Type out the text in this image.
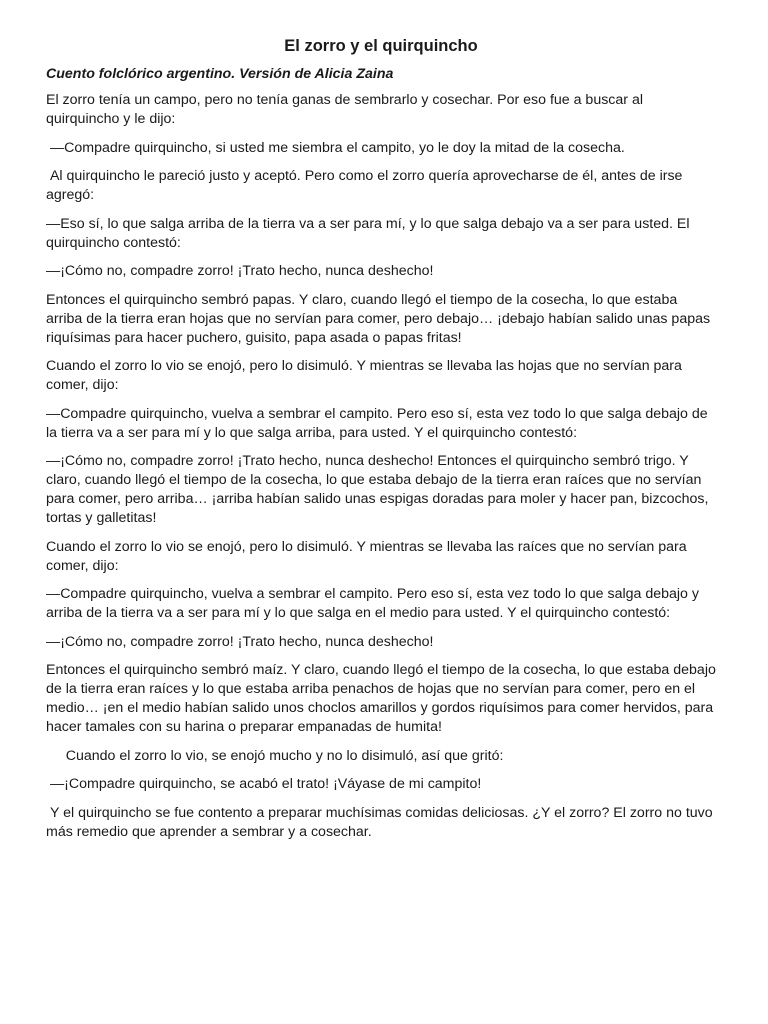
El zorro y el quirquincho

Cuento folclórico argentino. Versión de Alicia Zaina

El zorro tenía un campo, pero no tenía ganas de sembrarlo y cosechar. Por eso fue a buscar al quirquincho y le dijo:

—Compadre quirquincho, si usted me siembra el campito, yo le doy la mitad de la cosecha.

Al quirquincho le pareció justo y aceptó. Pero como el zorro quería aprovecharse de él, antes de irse agregó:

—Eso sí, lo que salga arriba de la tierra va a ser para mí, y lo que salga debajo va a ser para usted. El quirquincho contestó:

—¡Cómo no, compadre zorro! ¡Trato hecho, nunca deshecho!

Entonces el quirquincho sembró papas. Y claro, cuando llegó el tiempo de la cosecha, lo que estaba arriba de la tierra eran hojas que no servían para comer, pero debajo… ¡debajo habían salido unas papas riquísimas para hacer puchero, guisito, papa asada o papas fritas!

Cuando el zorro lo vio se enojó, pero lo disimuló. Y mientras se llevaba las hojas que no servían para comer, dijo:

—Compadre quirquincho, vuelva a sembrar el campito. Pero eso sí, esta vez todo lo que salga debajo de la tierra va a ser para mí y lo que salga arriba, para usted. Y el quirquincho contestó:

—¡Cómo no, compadre zorro! ¡Trato hecho, nunca deshecho! Entonces el quirquincho sembró trigo. Y claro, cuando llegó el tiempo de la cosecha, lo que estaba debajo de la tierra eran raíces que no servían para comer, pero arriba… ¡arriba habían salido unas espigas doradas para moler y hacer pan, bizcochos, tortas y galletitas!

Cuando el zorro lo vio se enojó, pero lo disimuló. Y mientras se llevaba las raíces que no servían para comer, dijo:

—Compadre quirquincho, vuelva a sembrar el campito. Pero eso sí, esta vez todo lo que salga debajo y arriba de la tierra va a ser para mí y lo que salga en el medio para usted. Y el quirquincho contestó:

—¡Cómo no, compadre zorro! ¡Trato hecho, nunca deshecho!

Entonces el quirquincho sembró maíz. Y claro, cuando llegó el tiempo de la cosecha, lo que estaba debajo de la tierra eran raíces y lo que estaba arriba penachos de hojas que no servían para comer, pero en el medio… ¡en el medio habían salido unos choclos amarillos y gordos riquísimos para comer hervidos, para hacer tamales con su harina o preparar empanadas de humita!

Cuando el zorro lo vio, se enojó mucho y no lo disimuló, así que gritó:

—¡Compadre quirquincho, se acabó el trato! ¡Váyase de mi campito!

Y el quirquincho se fue contento a preparar muchísimas comidas deliciosas. ¿Y el zorro? El zorro no tuvo más remedio que aprender a sembrar y a cosechar.
